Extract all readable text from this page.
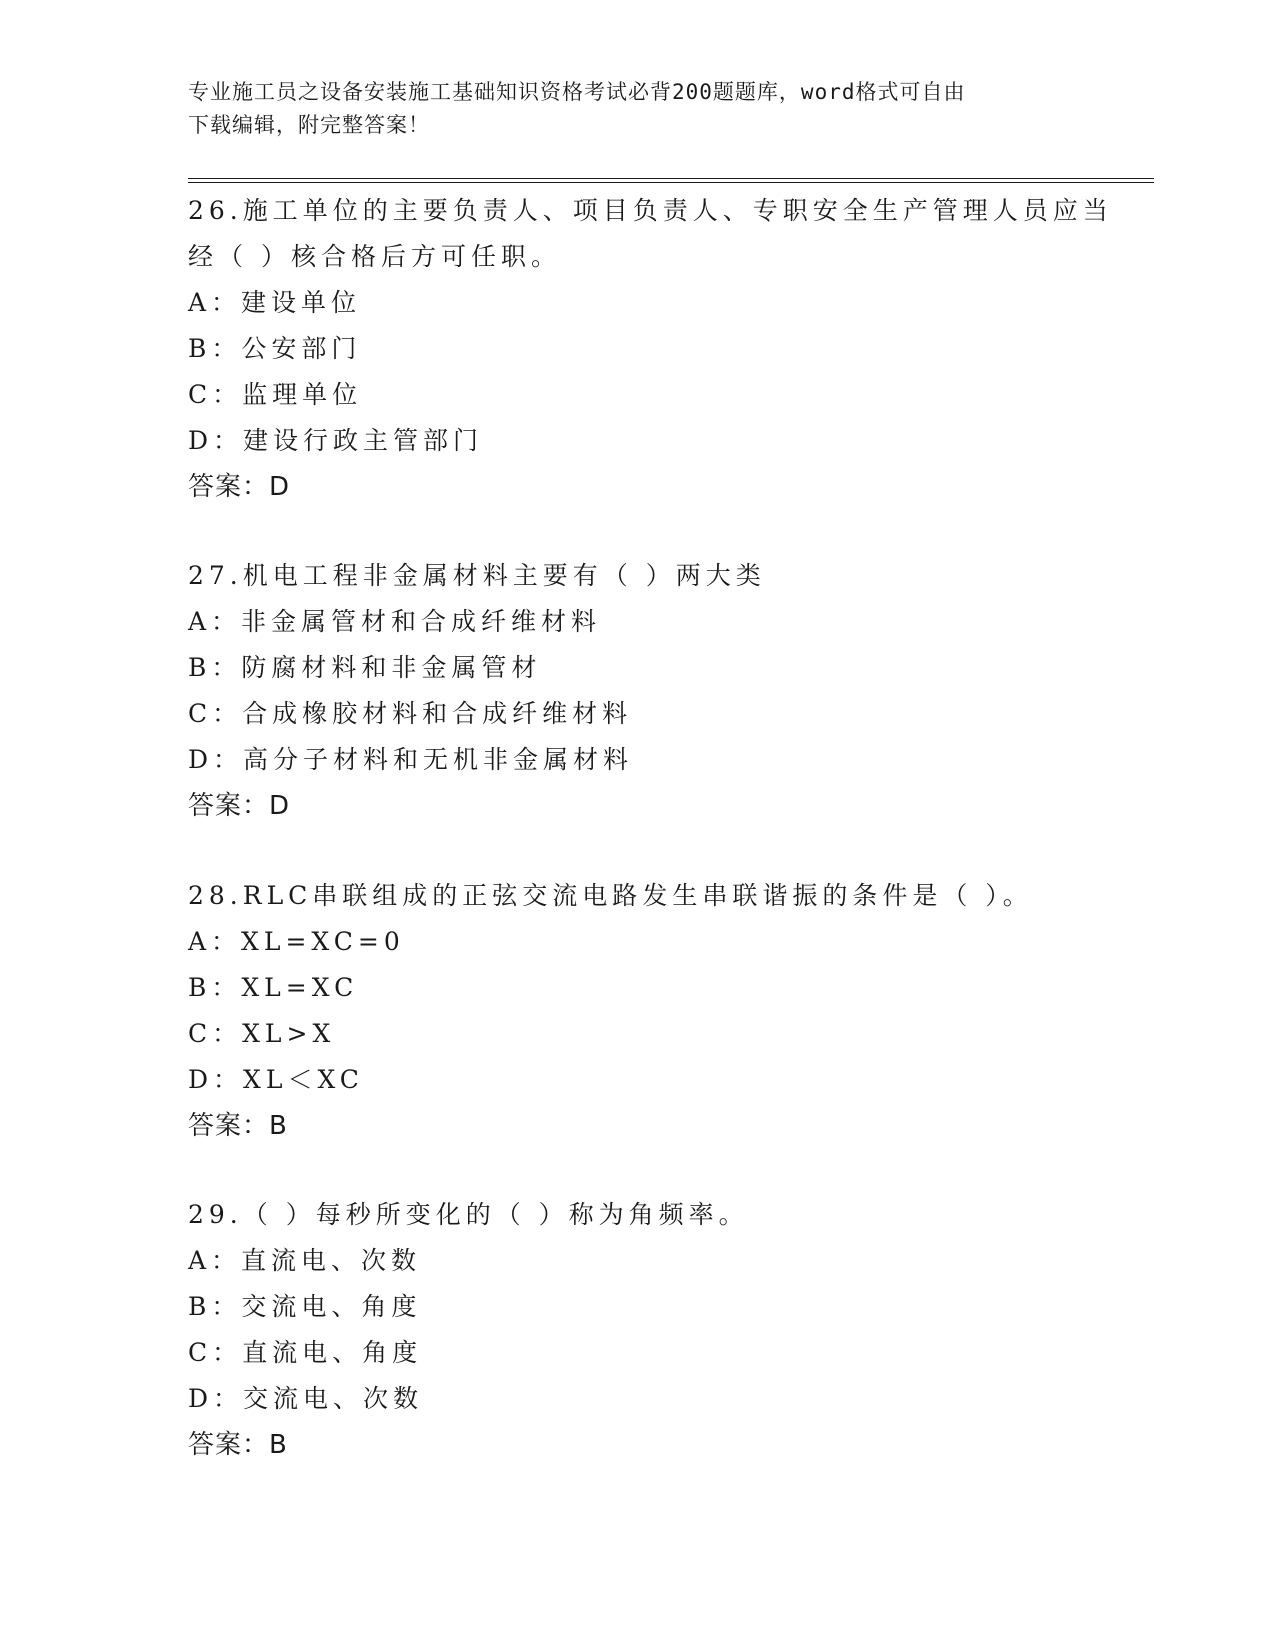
专业施工员之设备安装施工基础知识资格考试必背200题题库，word格式可自由
下载编辑，附完整答案！
26.施工单位的主要负责人、项目负责人、专职安全生产管理人员应当
经（ ）核合格后方可任职。
A：建设单位
B：公安部门
C：监理单位
D：建设行政主管部门
答案：D
27.机电工程非金属材料主要有（ ）两大类
A：非金属管材和合成纤维材料
B：防腐材料和非金属管材
C：合成橡胶材料和合成纤维材料
D：高分子材料和无机非金属材料
答案：D
28.RLC串联组成的正弦交流电路发生串联谐振的条件是（ ）。
A：XL=XC=0
B：XL=XC
C：XL>X
D：XL＜XC
答案：B
29.（ ）每秒所变化的（ ）称为角频率。
A：直流电、次数
B：交流电、角度
C：直流电、角度
D：交流电、次数
答案：B
